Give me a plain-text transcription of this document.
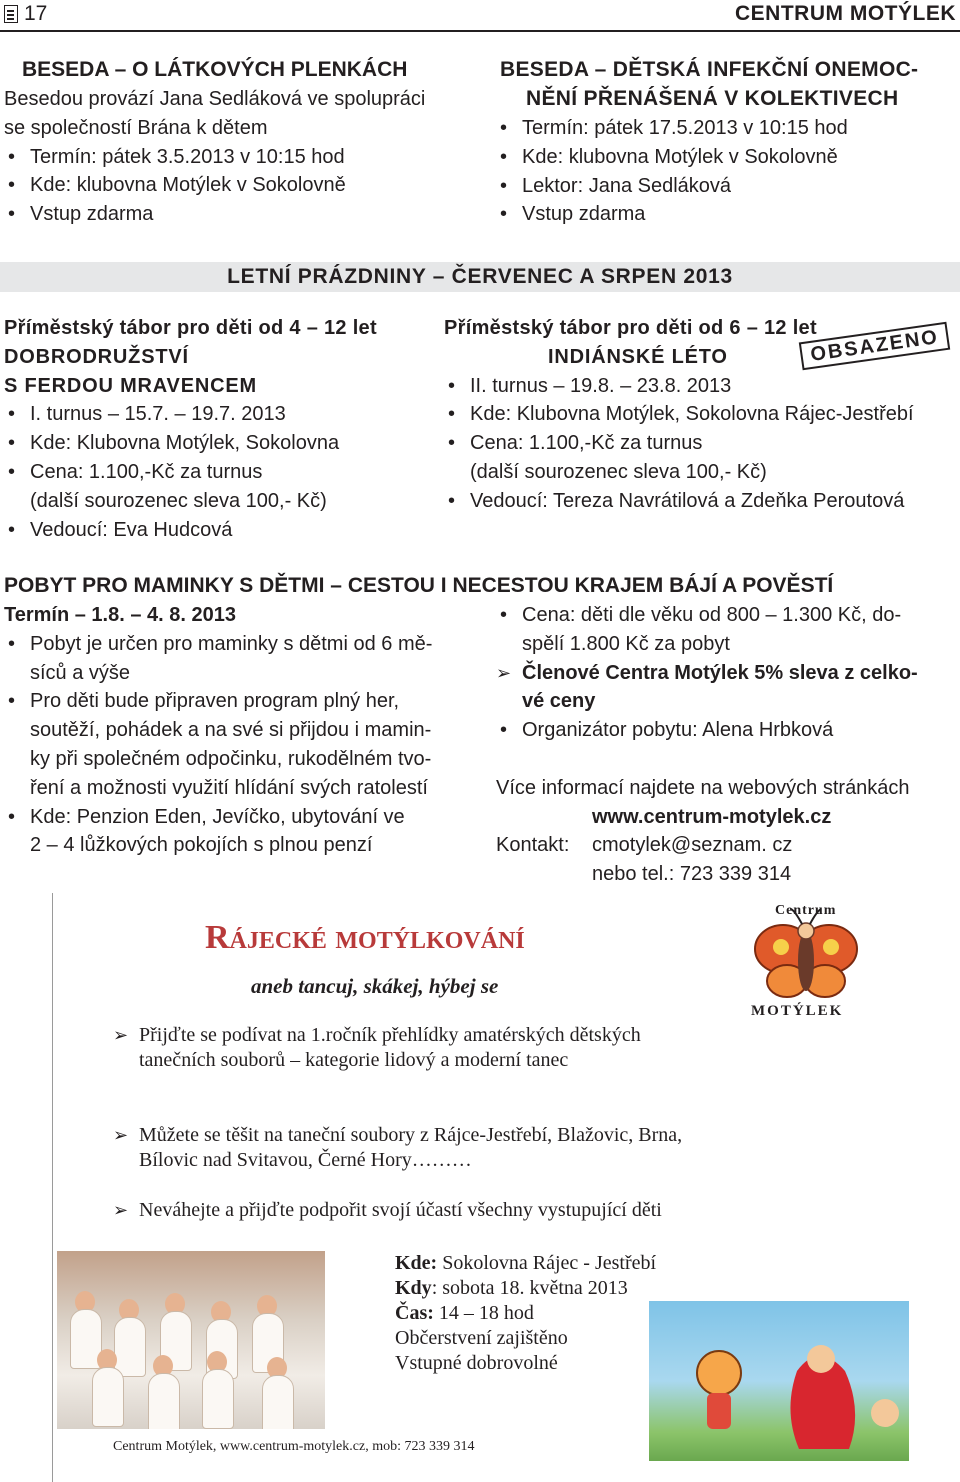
17	CENTRUM MOTÝLEK
BESEDA – O LÁTKOVÝCH PLENKÁCH
Besedou provází Jana Sedláková ve spolupráci
se společností Brána k dětem
• Termín: pátek 3.5.2013 v 10:15 hod
• Kde: klubovna Motýlek v Sokolovně
• Vstup zdarma
BESEDA – DĚTSKÁ INFEKČNÍ ONEMOC-
NĚNÍ PŘENÁŠENÁ V KOLEKTIVECH
• Termín: pátek 17.5.2013 v 10:15 hod
• Kde: klubovna Motýlek v Sokolovně
• Lektor: Jana Sedláková
• Vstup zdarma
LETNÍ PRÁZDNINY – ČERVENEC A SRPEN 2013
Příměstský tábor pro děti od 4 – 12 let
DOBRODRUŽSTVÍ
S FERDOU MRAVENCEM
• I. turnus – 15.7. – 19.7. 2013
• Kde: Klubovna Motýlek, Sokolovna
• Cena: 1.100,-Kč za turnus
(další sourozenec sleva 100,- Kč)
• Vedoucí: Eva Hudcová
Příměstský tábor pro děti od 6 – 12 let
INDIÁNSKÉ LÉTO
• II. turnus – 19.8. – 23.8. 2013
• Kde: Klubovna Motýlek, Sokolovna Rájec-Jestřebí
• Cena: 1.100,-Kč za turnus
(další sourozenec sleva 100,- Kč)
• Vedoucí: Tereza Navrátilová a Zdeňka Peroutová
OBSAZENO
POBYT PRO MAMINKY S DĚTMI – CESTOU I NECESTOU KRAJEM BÁJÍ A POVĚSTÍ
Termín – 1.8. – 4. 8. 2013
• Pobyt je určen pro maminky s dětmi od 6 mě-
síců a výše
• Pro děti bude připraven program plný her,
soutěží, pohádek a na své si přijdou i mamin-
ky při společném odpočinku, rukodělném tvo-
ření a možnosti využití hlídání svých ratolestí
• Kde: Penzion Eden, Jevíčko, ubytování ve
2 – 4 lůžkových pokojích s plnou penzí
• Cena: děti dle věku od 800 – 1.300 Kč, do-
spělí 1.800 Kč za pobyt
➢ Členové Centra Motýlek 5% sleva z celko-
vé ceny
• Organizátor pobytu: Alena Hrbková
Více informací najdete na webových stránkách
www.centrum-motylek.cz
Kontakt: cmotylek@seznam. cz
nebo tel.: 723 339 314
Rájecké motýlkování
aneb tancuj, skákej, hýbej se
Centrum
MOTÝLEK
➢ Přijďte se podívat na 1.ročník přehlídky amatérských dětských
tanečních souborů – kategorie lidový a moderní tanec
➢ Můžete se těšit na taneční soubory z Rájce-Jestřebí, Blažovic, Brna,
Bílovic nad Svitavou, Černé Hory………
➢ Neváhejte a přijďte podpořit svojí účastí všechny vystupující děti
Kde: Sokolovna Rájec - Jestřebí
Kdy: sobota 18. května 2013
Čas: 14 – 18 hod
Občerstvení zajištěno
Vstupné dobrovolné
Centrum Motýlek, www.centrum-motylek.cz, mob: 723 339 314
